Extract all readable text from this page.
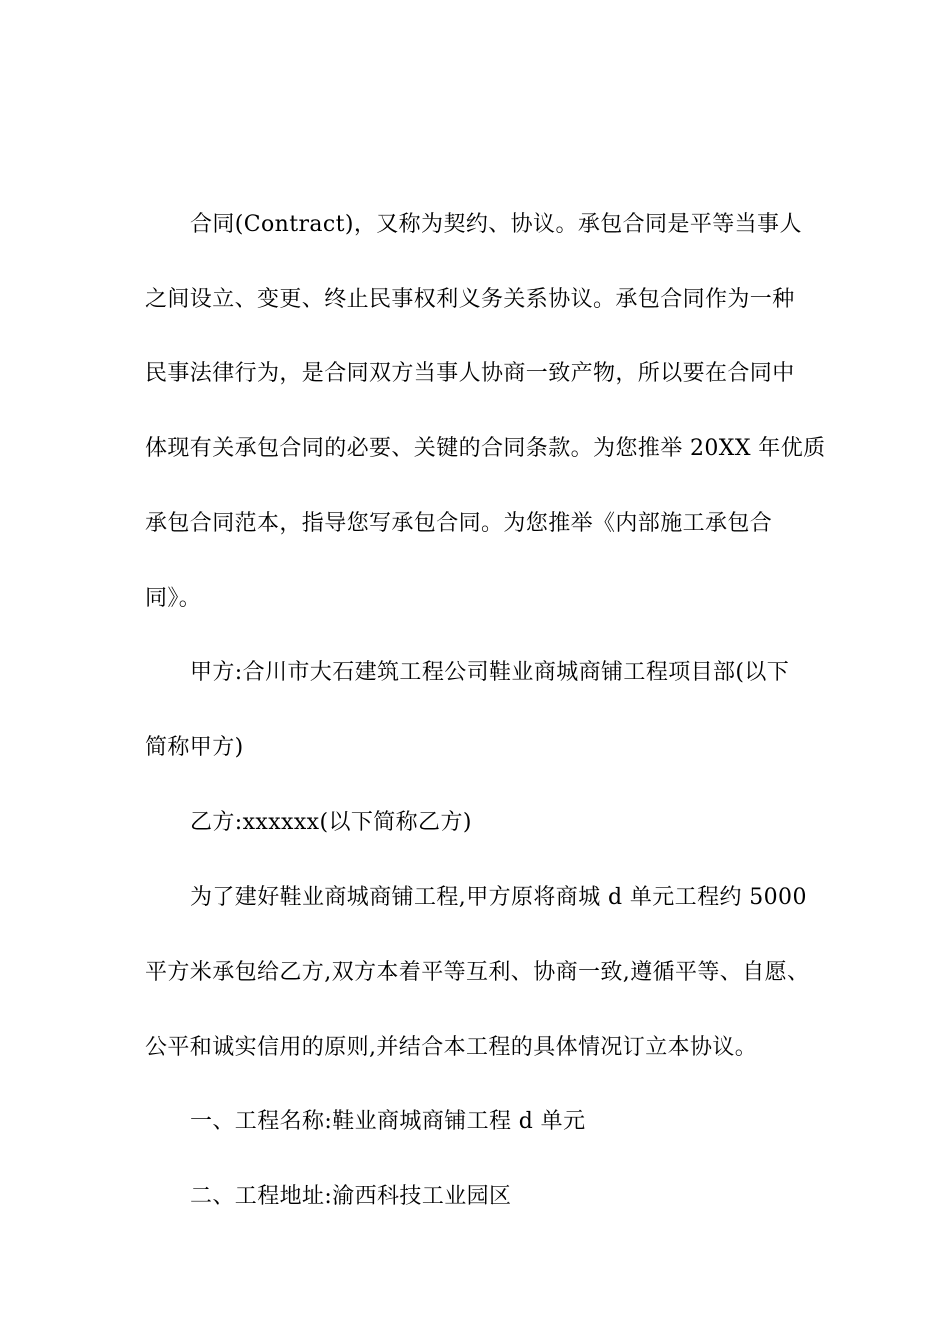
合同(Contract)，又称为契约、协议。承包合同是平等当事人
之间设立、变更、终止民事权利义务关系协议。承包合同作为一种
民事法律行为，是合同双方当事人协商一致产物，所以要在合同中
体现有关承包合同的必要、关键的合同条款。为您推举 20XX 年优质
承包合同范本，指导您写承包合同。为您推举《内部施工承包合
同》。
甲方:合川市大石建筑工程公司鞋业商城商铺工程项目部(以下
简称甲方)
乙方:xxxxxx(以下简称乙方)
为了建好鞋业商城商铺工程,甲方原将商城 d 单元工程约 5000
平方米承包给乙方,双方本着平等互利、协商一致,遵循平等、自愿、
公平和诚实信用的原则,并结合本工程的具体情况订立本协议。
一、工程名称:鞋业商城商铺工程 d 单元
二、工程地址:渝西科技工业园区
